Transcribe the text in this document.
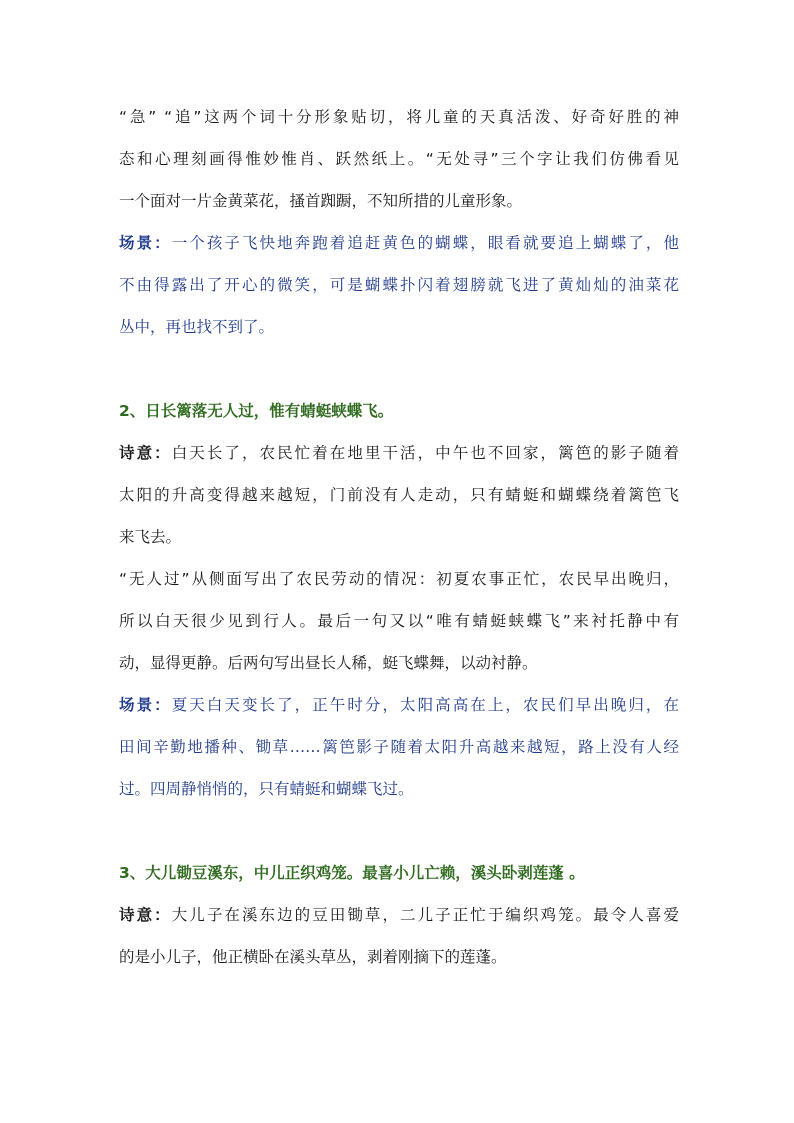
“急” “追”这两个词十分形象贴切，将儿童的天真活泼、好奇好胜的神
态和心理刻画得惟妙惟肖、跃然纸上。“无处寻”三个字让我们仿佛看见
一个面对一片金黄菜花，搔首踟蹰，不知所措的儿童形象。
场景：一个孩子飞快地奔跑着追赶黄色的蝴蝶，眼看就要追上蝴蝶了，他
不由得露出了开心的微笑，可是蝴蝶扑闪着翅膀就飞进了黄灿灿的油菜花
丛中，再也找不到了。
2、日长篱落无人过，惟有蜻蜓蛱蝶飞。
诗意：白天长了，农民忙着在地里干活，中午也不回家，篱笆的影子随着
太阳的升高变得越来越短，门前没有人走动，只有蜻蜓和蝴蝶绕着篱笆飞
来飞去。
“无人过”从侧面写出了农民劳动的情况：初夏农事正忙，农民早出晚归，
所以白天很少见到行人。最后一句又以“唯有蜻蜓蛱蝶飞”来衬托静中有
动，显得更静。后两句写出昼长人稀，蜓飞蝶舞，以动衬静。
场景：夏天白天变长了，正午时分，太阳高高在上，农民们早出晚归，在
田间辛勤地播种、锄草……篱笆影子随着太阳升高越来越短，路上没有人经
过。四周静悄悄的，只有蜻蜓和蝴蝶飞过。
3、大儿锄豆溪东，中儿正织鸡笼。最喜小儿亡赖，溪头卧剥莲蓬 。
诗意：大儿子在溪东边的豆田锄草，二儿子正忙于编织鸡笼。最令人喜爱
的是小儿子，他正横卧在溪头草丛，剥着刚摘下的莲蓬。
